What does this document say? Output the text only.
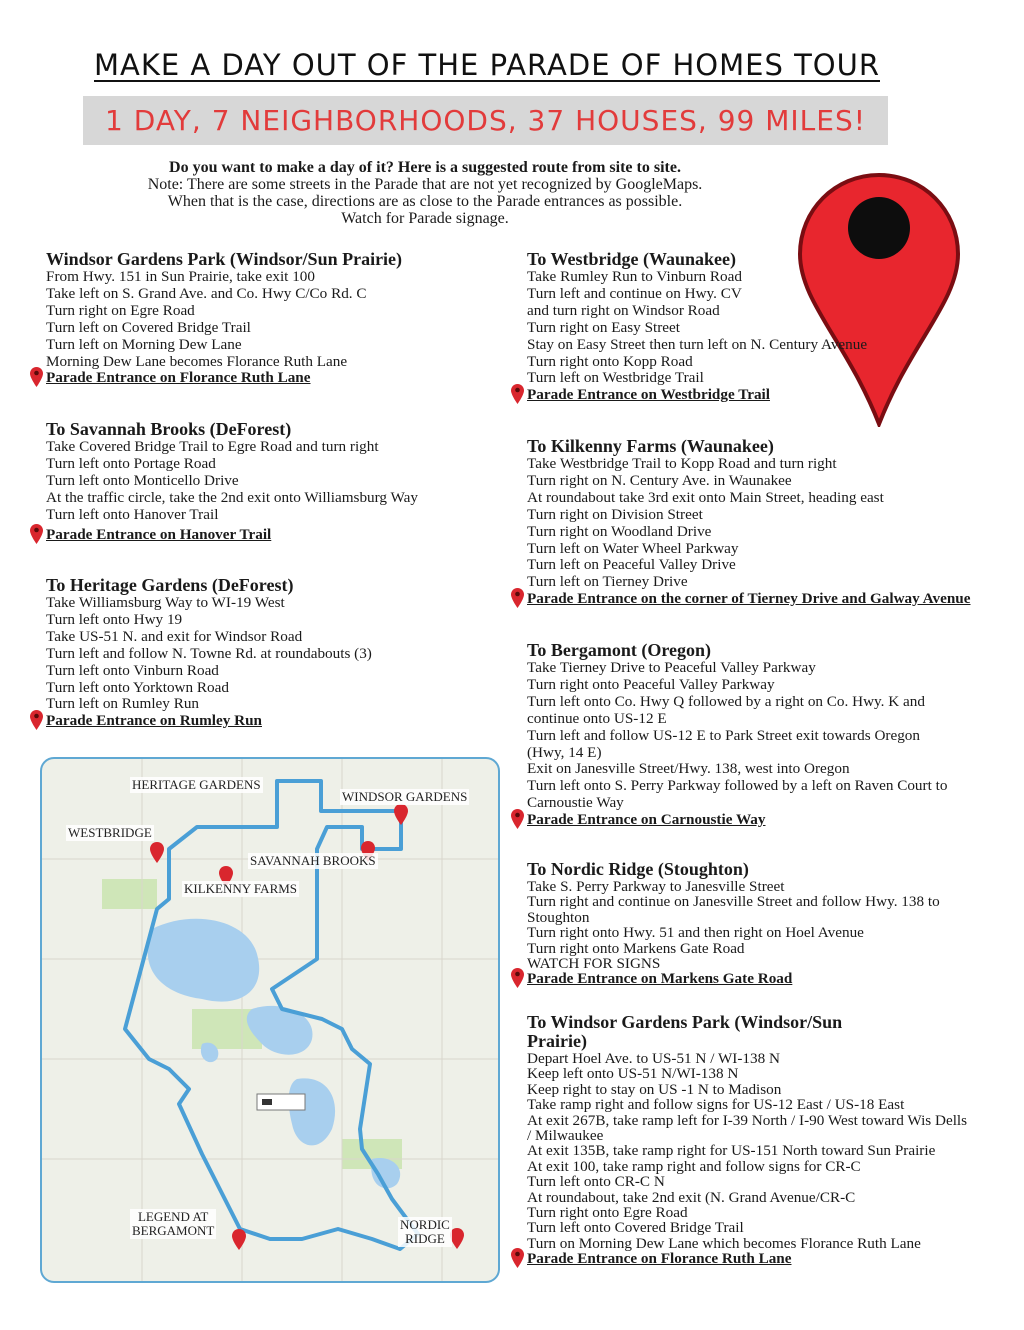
MAKE A DAY OUT OF THE PARADE OF HOMES TOUR
1 DAY, 7 NEIGHBORHOODS, 37 HOUSES, 99 MILES!
Do you want to make a day of it? Here is a suggested route from site to site.
Note: There are some streets in the Parade that are not yet recognized by GoogleMaps.
When that is the case, directions are as close to the Parade entrances as possible.
Watch for Parade signage.
Windsor Gardens Park (Windsor/Sun Prairie)
From Hwy. 151 in Sun Prairie, take exit 100
Take left on S. Grand Ave. and Co. Hwy C/Co Rd. C
Turn right on Egre Road
Turn left on Covered Bridge Trail
Turn left on Morning Dew Lane
Morning Dew Lane becomes Florance Ruth Lane
Parade Entrance on Florance Ruth Lane
To Savannah Brooks (DeForest)
Take Covered Bridge Trail to Egre Road and turn right
Turn left onto Portage Road
Turn left onto Monticello Drive
At the traffic circle, take the 2nd exit onto Williamsburg Way
Turn left onto Hanover Trail
Parade Entrance on Hanover Trail
To Heritage Gardens (DeForest)
Take Williamsburg Way to WI-19 West
Turn left onto Hwy 19
Take US-51 N. and exit for Windsor Road
Turn left and follow N. Towne Rd. at roundabouts (3)
Turn left onto Vinburn Road
Turn left onto Yorktown Road
Turn left on Rumley Run
Parade Entrance on Rumley Run
HERITAGE GARDENS
WINDSOR GARDENS
WESTBRIDGE
SAVANNAH BROOKS
KILKENNY FARMS
LEGEND AT
BERGAMONT	NORDIC
RIDGE
To Westbridge (Waunakee)
Take Rumley Run to Vinburn Road
Turn left and continue on Hwy. CV
and turn right on Windsor Road
Turn right on Easy Street
Stay on Easy Street then turn left on N. Century Avenue
Turn right onto Kopp Road
Turn left on Westbridge Trail
Parade Entrance on Westbridge Trail
To Kilkenny Farms (Waunakee)
Take Westbridge Trail to Kopp Road and turn right
Turn right on N. Century Ave. in Waunakee
At roundabout take 3rd exit onto Main Street, heading east
Turn right on Division Street
Turn right on Woodland Drive
Turn left on Water Wheel Parkway
Turn left on Peaceful Valley Drive
Turn left on Tierney Drive
Parade Entrance on the corner of Tierney Drive and Galway Avenue
To Bergamont (Oregon)
Take Tierney Drive to Peaceful Valley Parkway
Turn right onto Peaceful Valley Parkway
Turn left onto Co. Hwy Q followed by a right on Co. Hwy. K and
continue onto US-12 E
Turn left and follow US-12 E to Park Street exit towards Oregon
(Hwy, 14 E)
Exit on Janesville Street/Hwy. 138, west into Oregon
Turn left onto S. Perry Parkway followed by a left on Raven Court to
Carnoustie Way
Parade Entrance on Carnoustie Way
To Nordic Ridge (Stoughton)
Take S. Perry Parkway to Janesville Street
Turn right and continue on Janesville Street and follow Hwy. 138 to
Stoughton
Turn right onto Hwy. 51 and then right on Hoel Avenue
Turn right onto Markens Gate Road
WATCH FOR SIGNS
Parade Entrance on Markens Gate Road
To Windsor Gardens Park (Windsor/Sun
Prairie)
Depart Hoel Ave. to US-51 N / WI-138 N
Keep left onto US-51 N/WI-138 N
Keep right to stay on US -1 N to Madison
Take ramp right and follow signs for US-12 East / US-18 East
At exit 267B, take ramp left for I-39 North / I-90 West toward Wis Dells
/ Milwaukee
At exit 135B, take ramp right for US-151 North toward Sun Prairie
At exit 100, take ramp right and follow signs for CR-C
Turn left onto CR-C N
At roundabout, take 2nd exit (N. Grand Avenue/CR-C
Turn right onto Egre Road
Turn left onto Covered Bridge Trail
Turn on Morning Dew Lane which becomes Florance Ruth Lane
Parade Entrance on Florance Ruth Lane
